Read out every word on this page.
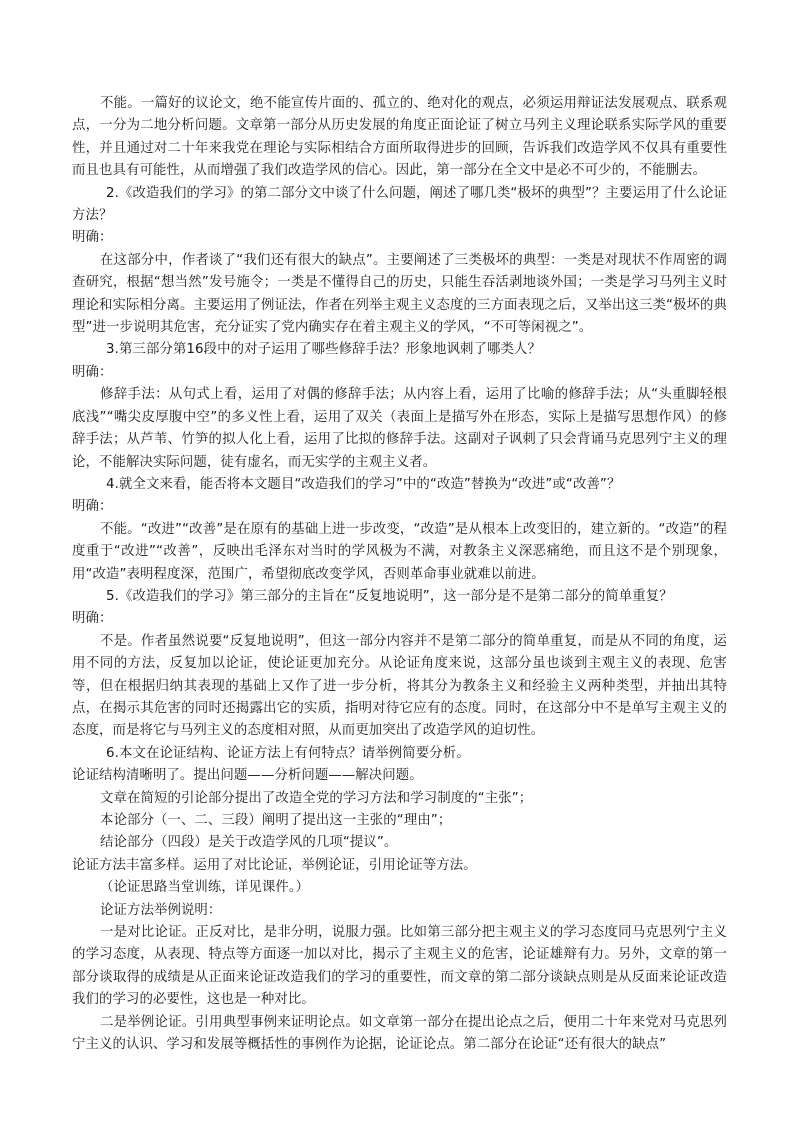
不能。一篇好的议论文，绝不能宣传片面的、孤立的、绝对化的观点，必须运用辩证法发展观点、联系观点，一分为二地分析问题。文章第一部分从历史发展的角度正面论证了树立马列主义理论联系实际学风的重要性，并且通过对二十年来我党在理论与实际相结合方面所取得进步的回顾，告诉我们改造学风不仅具有重要性而且也具有可能性，从而增强了我们改造学风的信心。因此，第一部分在全文中是必不可少的，不能删去。

2.《改造我们的学习》的第二部分文中谈了什么问题，阐述了哪几类“极坏的典型”？主要运用了什么论证方法？

明确：

在这部分中，作者谈了“我们还有很大的缺点”。主要阐述了三类极坏的典型：一类是对现状不作周密的调查研究，根据“想当然”发号施令；一类是不懂得自己的历史，只能生吞活剥地谈外国；一类是学习马列主义时理论和实际相分离。主要运用了例证法，作者在列举主观主义态度的三方面表现之后，又举出这三类“极坏的典型”进一步说明其危害，充分证实了党内确实存在着主观主义的学风，“不可等闲视之”。

3.第三部分第16段中的对子运用了哪些修辞手法？形象地讽刺了哪类人？

明确：

修辞手法：从句式上看，运用了对偶的修辞手法；从内容上看，运用了比喻的修辞手法；从“头重脚轻根底浅”“嘴尖皮厚腹中空”的多义性上看，运用了双关（表面上是描写外在形态，实际上是描写思想作风）的修辞手法；从芦苇、竹笋的拟人化上看，运用了比拟的修辞手法。这副对子讽刺了只会背诵马克思列宁主义的理论，不能解决实际问题，徒有虚名，而无实学的主观主义者。

4.就全文来看，能否将本文题目“改造我们的学习”中的“改造”替换为“改进”或“改善”？

明确：

不能。“改进”“改善”是在原有的基础上进一步改变，“改造”是从根本上改变旧的，建立新的。“改造”的程度重于“改进”“改善”，反映出毛泽东对当时的学风极为不满，对教条主义深恶痛绝，而且这不是个别现象，用“改造”表明程度深，范围广，希望彻底改变学风，否则革命事业就难以前进。

5.《改造我们的学习》第三部分的主旨在“反复地说明”，这一部分是不是第二部分的简单重复？

明确：

不是。作者虽然说要“反复地说明”，但这一部分内容并不是第二部分的简单重复，而是从不同的角度，运用不同的方法，反复加以论证，使论证更加充分。从论证角度来说，这部分虽也谈到主观主义的表现、危害等，但在根据归纳其表现的基础上又作了进一步分析，将其分为教条主义和经验主义两种类型，并抽出其特点，在揭示其危害的同时还揭露出它的实质，指明对待它应有的态度。同时，在这部分中不是单写主观主义的态度，而是将它与马列主义的态度相对照，从而更加突出了改造学风的迫切性。

6.本文在论证结构、论证方法上有何特点？请举例简要分析。

论证结构清晰明了。提出问题——分析问题——解决问题。

文章在简短的引论部分提出了改造全党的学习方法和学习制度的“主张”；

本论部分（一、二、三段）阐明了提出这一主张的“理由”；

结论部分（四段）是关于改造学风的几项“提议”。

论证方法丰富多样。运用了对比论证，举例论证，引用论证等方法。

（论证思路当堂训练，详见课件。）

论证方法举例说明：

一是对比论证。正反对比，是非分明，说服力强。比如第三部分把主观主义的学习态度同马克思列宁主义的学习态度，从表现、特点等方面逐一加以对比，揭示了主观主义的危害，论证雄辩有力。另外，文章的第一部分谈取得的成绩是从正面来论证改造我们的学习的重要性，而文章的第二部分谈缺点则是从反面来论证改造我们的学习的必要性，这也是一种对比。

二是举例论证。引用典型事例来证明论点。如文章第一部分在提出论点之后，便用二十年来党对马克思列宁主义的认识、学习和发展等概括性的事例作为论据，论证论点。第二部分在论证“还有很大的缺点”
